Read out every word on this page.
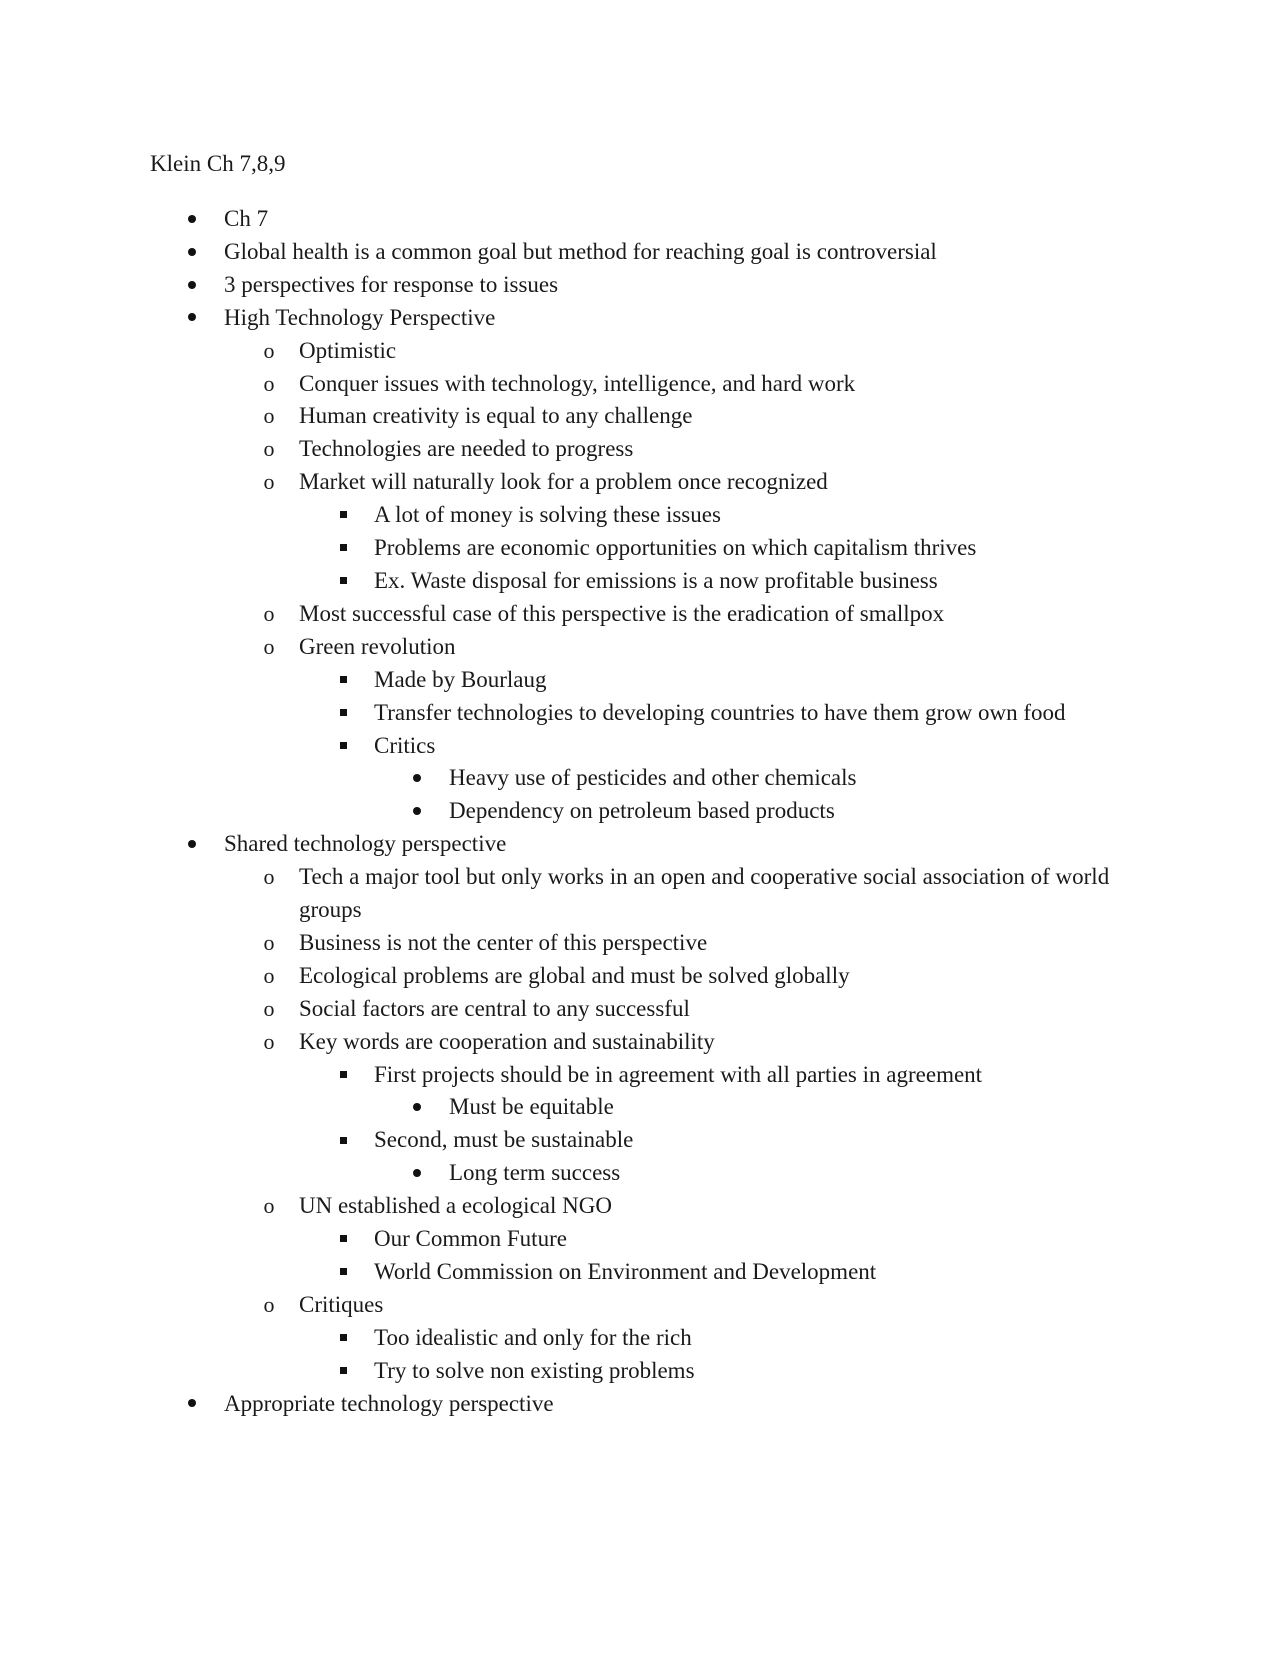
Klein Ch 7,8,9
Ch 7
Global health is a common goal but method for reaching goal is controversial
3 perspectives for response to issues
High Technology Perspective
o Optimistic
o Conquer issues with technology, intelligence, and hard work
o Human creativity is equal to any challenge
o Technologies are needed to progress
o Market will naturally look for a problem once recognized
A lot of money is solving these issues
Problems are economic opportunities on which capitalism thrives
Ex. Waste disposal for emissions is a now profitable business
o Most successful case of this perspective is the eradication of smallpox
o Green revolution
Made by Bourlaug
Transfer technologies to developing countries to have them grow own food
Critics
Heavy use of pesticides and other chemicals
Dependency on petroleum based products
Shared technology perspective
o Tech a major tool but only works in an open and cooperative social association of world groups
o Business is not the center of this perspective
o Ecological problems are global and must be solved globally
o Social factors are central to any successful
o Key words are cooperation and sustainability
First projects should be in agreement with all parties in agreement
Must be equitable
Second, must be sustainable
Long term success
o UN established a ecological NGO
Our Common Future
World Commission on Environment and Development
o Critiques
Too idealistic and only for the rich
Try to solve non existing problems
Appropriate technology perspective
